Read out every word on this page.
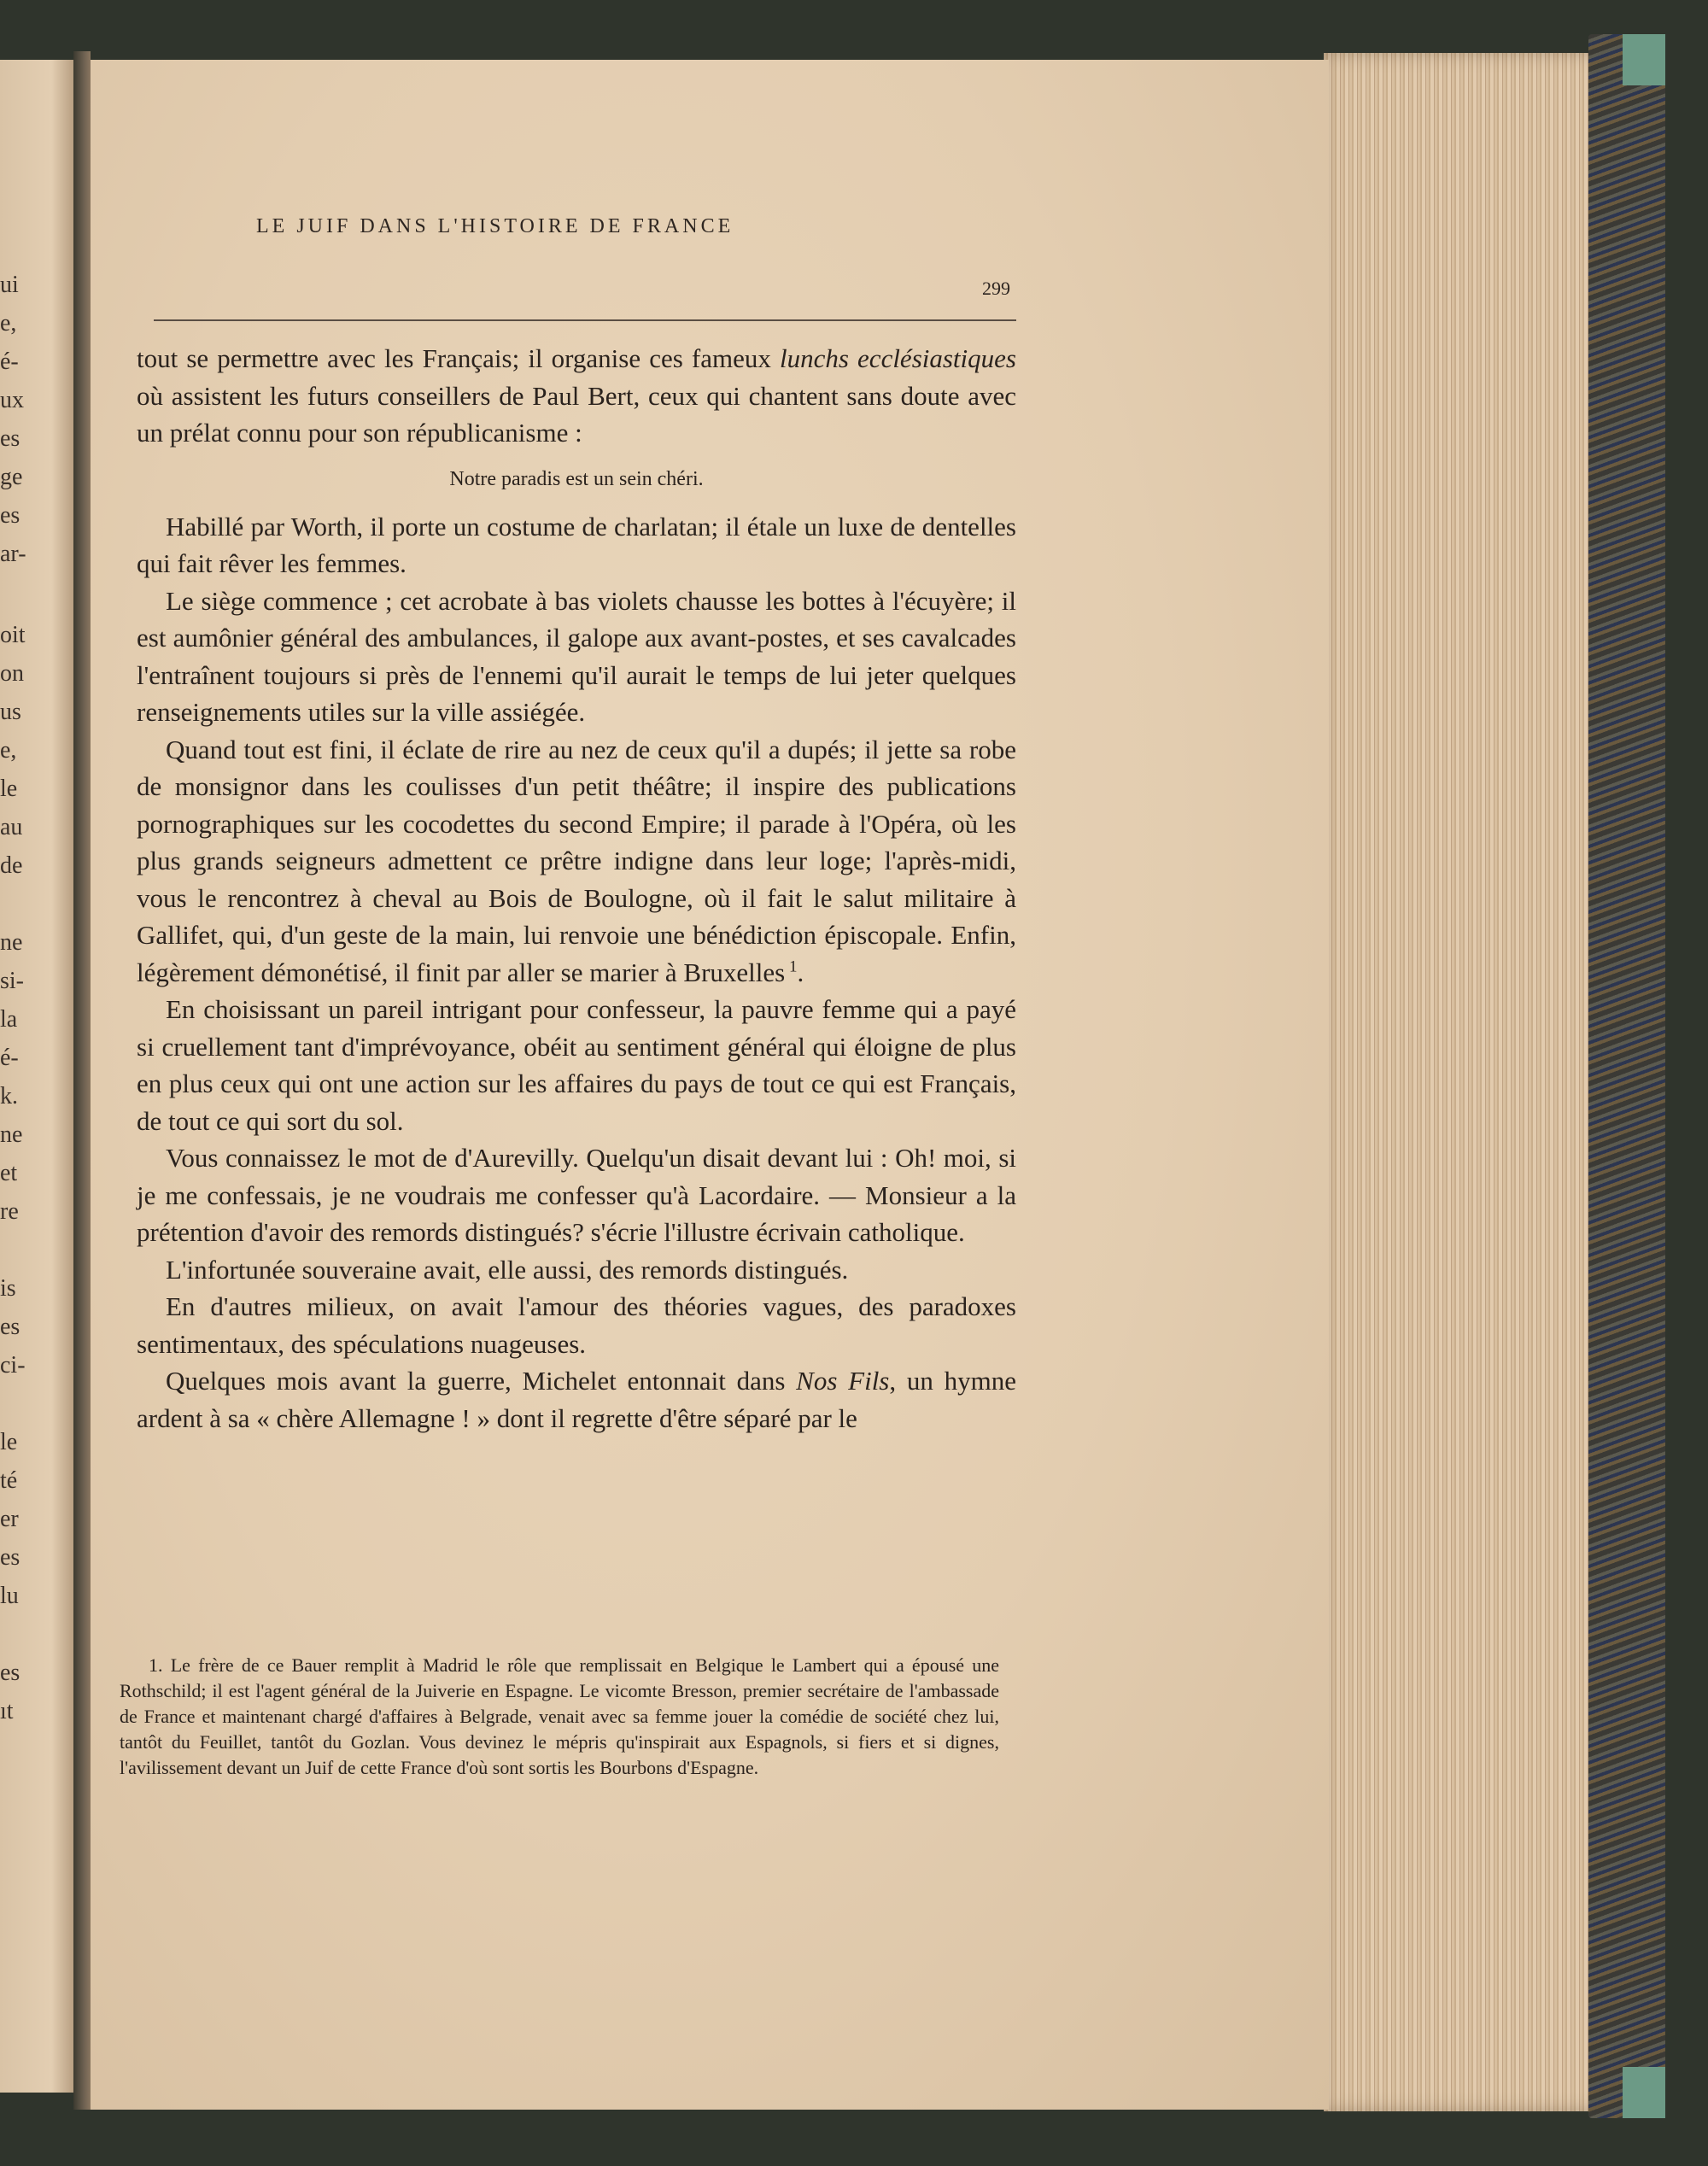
ui
e,
é-
ux
es
ge
es
ar-
oit
on
us
e,
le
au
de
ne
si-
la
é-
k.
ne
et
re
is
es
ci-
le
té
er
es
lu
es
ıt
LE JUIF DANS L'HISTOIRE DE FRANCE
299

tout se permettre avec les Français; il organise ces fameux lunchs ecclésiastiques où assistent les futurs conseillers de Paul Bert, ceux qui chantent sans doute avec un prélat connu pour son républicanisme :

Notre paradis est un sein chéri.

Habillé par Worth, il porte un costume de charlatan; il étale un luxe de dentelles qui fait rêver les femmes.

Le siège commence ; cet acrobate à bas violets chausse les bottes à l'écuyère; il est aumônier général des ambulances, il galope aux avant-postes, et ses cavalcades l'entraînent toujours si près de l'ennemi qu'il aurait le temps de lui jeter quelques renseignements utiles sur la ville assiégée.

Quand tout est fini, il éclate de rire au nez de ceux qu'il a dupés; il jette sa robe de monsignor dans les coulisses d'un petit théâtre; il inspire des publications pornographiques sur les cocodettes du second Empire; il parade à l'Opéra, où les plus grands seigneurs admettent ce prêtre indigne dans leur loge; l'après-midi, vous le rencontrez à cheval au Bois de Boulogne, où il fait le salut militaire à Gallifet, qui, d'un geste de la main, lui renvoie une bénédiction épiscopale. Enfin, légèrement démonétisé, il finit par aller se marier à Bruxelles $^1$.

En choisissant un pareil intrigant pour confesseur, la pauvre femme qui a payé si cruellement tant d'imprévoyance, obéit au sentiment général qui éloigne de plus en plus ceux qui ont une action sur les affaires du pays de tout ce qui est Français, de tout ce qui sort du sol.

Vous connaissez le mot de d'Aurevilly. Quelqu'un disait devant lui : Oh! moi, si je me confessais, je ne voudrais me confesser qu'à Lacordaire. — Monsieur a la prétention d'avoir des remords distingués? s'écrie l'illustre écrivain catholique.

L'infortunée souveraine avait, elle aussi, des remords distingués.

En d'autres milieux, on avait l'amour des théories vagues, des paradoxes sentimentaux, des spéculations nuageuses.

Quelques mois avant la guerre, Michelet entonnait dans Nos Fils, un hymne ardent à sa « chère Allemagne ! » dont il regrette d'être séparé par le

1. Le frère de ce Bauer remplit à Madrid le rôle que remplissait en Belgique le Lambert qui a épousé une Rothschild; il est l'agent général de la Juiverie en Espagne. Le vicomte Bresson, premier secrétaire de l'ambassade de France et maintenant chargé d'affaires à Belgrade, venait avec sa femme jouer la comédie de société chez lui, tantôt du Feuillet, tantôt du Gozlan. Vous devinez le mépris qu'inspirait aux Espagnols, si fiers et si dignes, l'avilissement devant un Juif de cette France d'où sont sortis les Bourbons d'Espagne.
